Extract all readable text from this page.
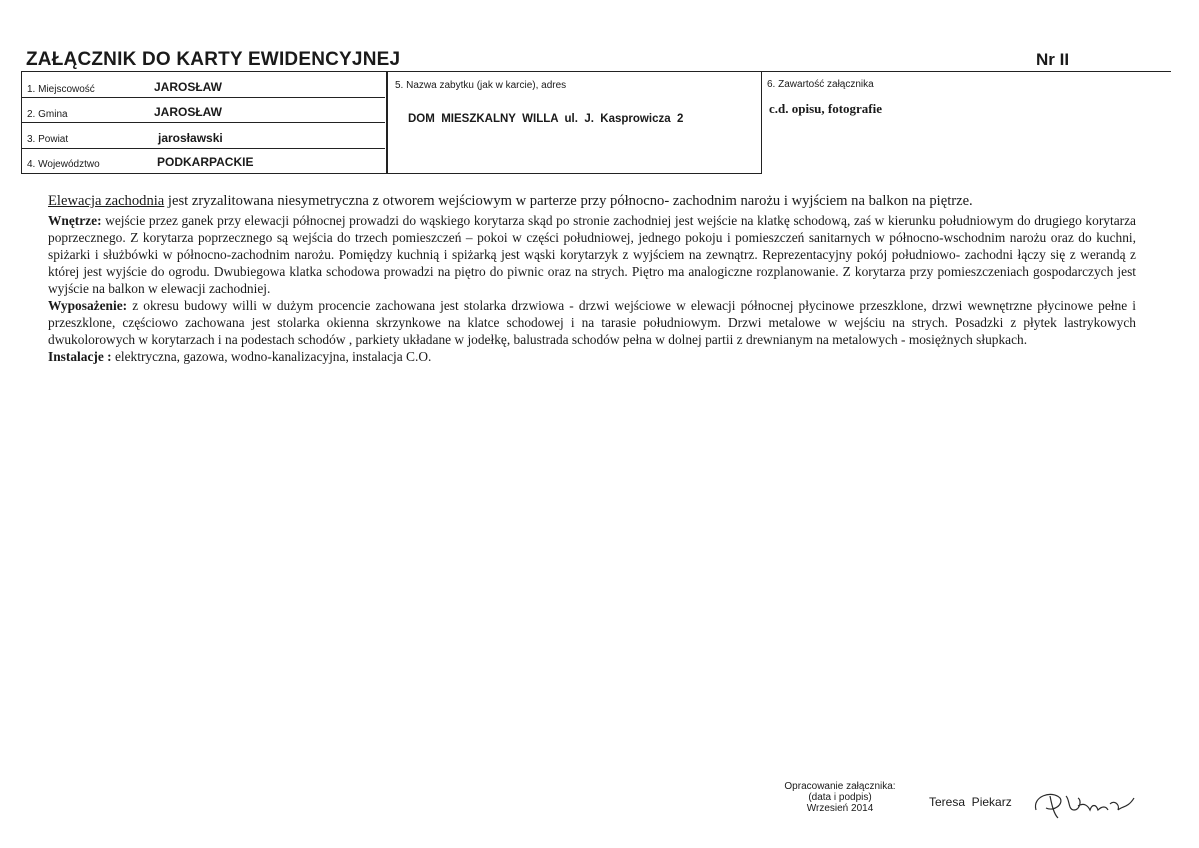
ZAŁĄCZNIK DO KARTY EWIDENCYJNEJ	Nr II
1. Miejscowość	JAROSŁAW
2. Gmina	JAROSŁAW
3. Powiat	jarosławski
4. Województwo	PODKARPACKIE
5. Nazwa zabytku (jak w karcie), adres
DOM  MIESZKALNY  WILLA  ul.  J.  Kasprowicza  2
6. Zawartość załącznika
c.d. opisu, fotografie

Elewacja zachodnia jest zryzalitowana niesymetryczna z otworem wejściowym w parterze przy północno- zachodnim narożu i wyjściem na balkon na piętrze.

Wnętrze: wejście przez ganek przy elewacji północnej prowadzi do wąskiego korytarza skąd po stronie zachodniej jest wejście na klatkę schodową, zaś w kierunku południowym do drugiego korytarza poprzecznego. Z korytarza poprzecznego są wejścia do trzech pomieszczeń – pokoi w części południowej, jednego pokoju i pomieszczeń sanitarnych w północno-wschodnim narożu oraz do kuchni, spiżarki i służbówki w północno-zachodnim narożu. Pomiędzy kuchnią i spiżarką jest wąski korytarzyk z wyjściem na zewnątrz. Reprezentacyjny pokój południowo- zachodni łączy się z werandą z której jest wyjście do ogrodu. Dwubiegowa klatka schodowa prowadzi na piętro do piwnic oraz na strych. Piętro ma analogiczne rozplanowanie. Z korytarza przy pomieszczeniach gospodarczych jest wyjście na balkon w elewacji zachodniej.

Wyposażenie: z okresu budowy willi w dużym procencie zachowana jest stolarka drzwiowa - drzwi wejściowe w elewacji północnej płycinowe przeszklone, drzwi wewnętrzne płycinowe pełne i przeszklone, częściowo zachowana jest stolarka okienna skrzynkowe na klatce schodowej i na tarasie południowym. Drzwi metalowe w wejściu na strych. Posadzki z płytek lastrykowych dwukolorowych w korytarzach i na podestach schodów , parkiety układane w jodełkę, balustrada schodów pełna w dolnej partii z drewnianym na metalowych - mosiężnych słupkach.

Instalacje : elektryczna, gazowa, wodno-kanalizacyjna, instalacja C.O.

Opracowanie załącznika:
(data i podpis)
Wrzesień 2014	Teresa  Piekarz
